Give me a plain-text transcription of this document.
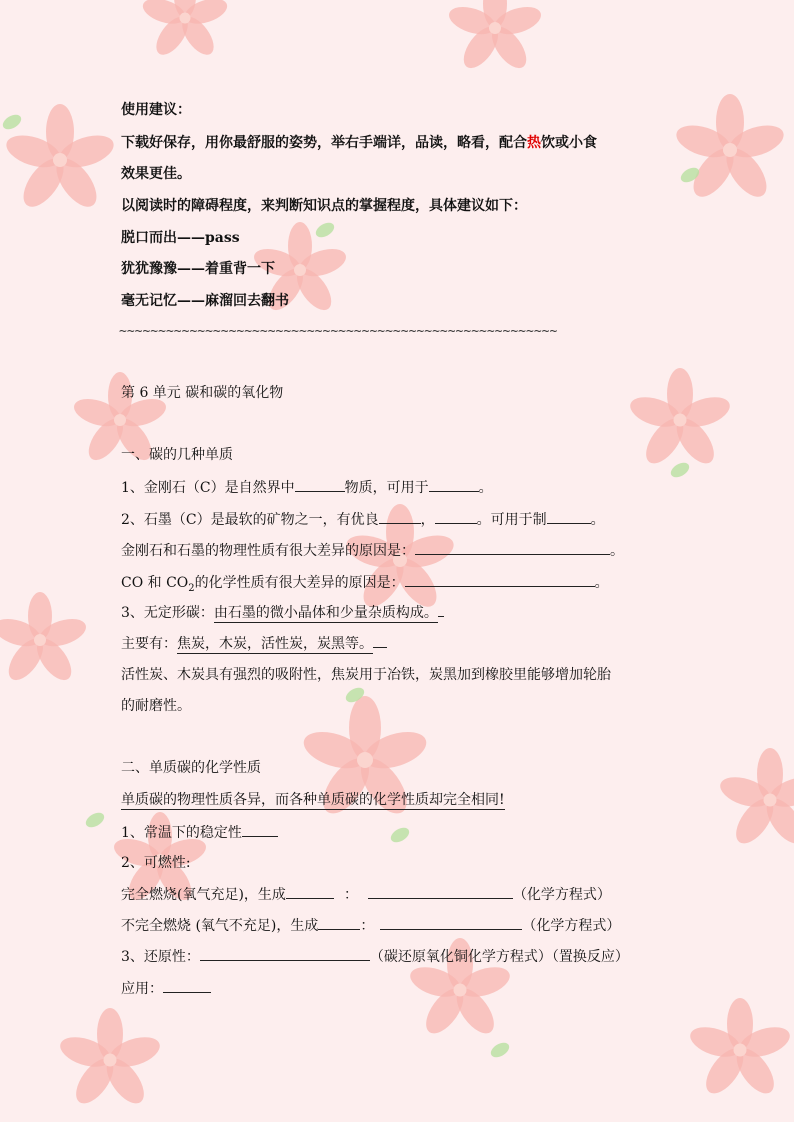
使用建议：
下载好保存，用你最舒服的姿势，举右手端详，品读，略看，配合热饮或小食
效果更佳。
以阅读时的障碍程度，来判断知识点的掌握程度，具体建议如下：
脱口而出——pass
犹犹豫豫——着重背一下
毫无记忆——麻溜回去翻书
~~~~~~~~~~~~~~~~~~~~~~~~~~~~~~~~~~~~~~~~~~~~~~~~~~~~~~~~
第 6 单元 碳和碳的氧化物
一、碳的几种单质
1、金刚石（C）是自然界中	物质，可用于	。
2、石墨（C）是最软的矿物之一，有优良	，	。可用于制	。
金刚石和石墨的物理性质有很大差异的原因是：	。
CO 和 $CO_2$的化学性质有很大差异的原因是：	。
3、无定形碳：由石墨的微小晶体和少量杂质构成。
主要有：焦炭，木炭，活性炭，炭黑等。
活性炭、木炭具有强烈的吸附性，焦炭用于冶铁，炭黑加到橡胶里能够增加轮胎
的耐磨性。
二、单质碳的化学性质
单质碳的物理性质各异，而各种单质碳的化学性质却完全相同!
1、常温下的稳定性
2、可燃性:
完全燃烧(氧气充足)，生成	：	（化学方程式）
不完全燃烧 (氧气不充足)，生成	：	（化学方程式）
3、还原性：	（碳还原氧化铜化学方程式）（置换反应）
应用：
